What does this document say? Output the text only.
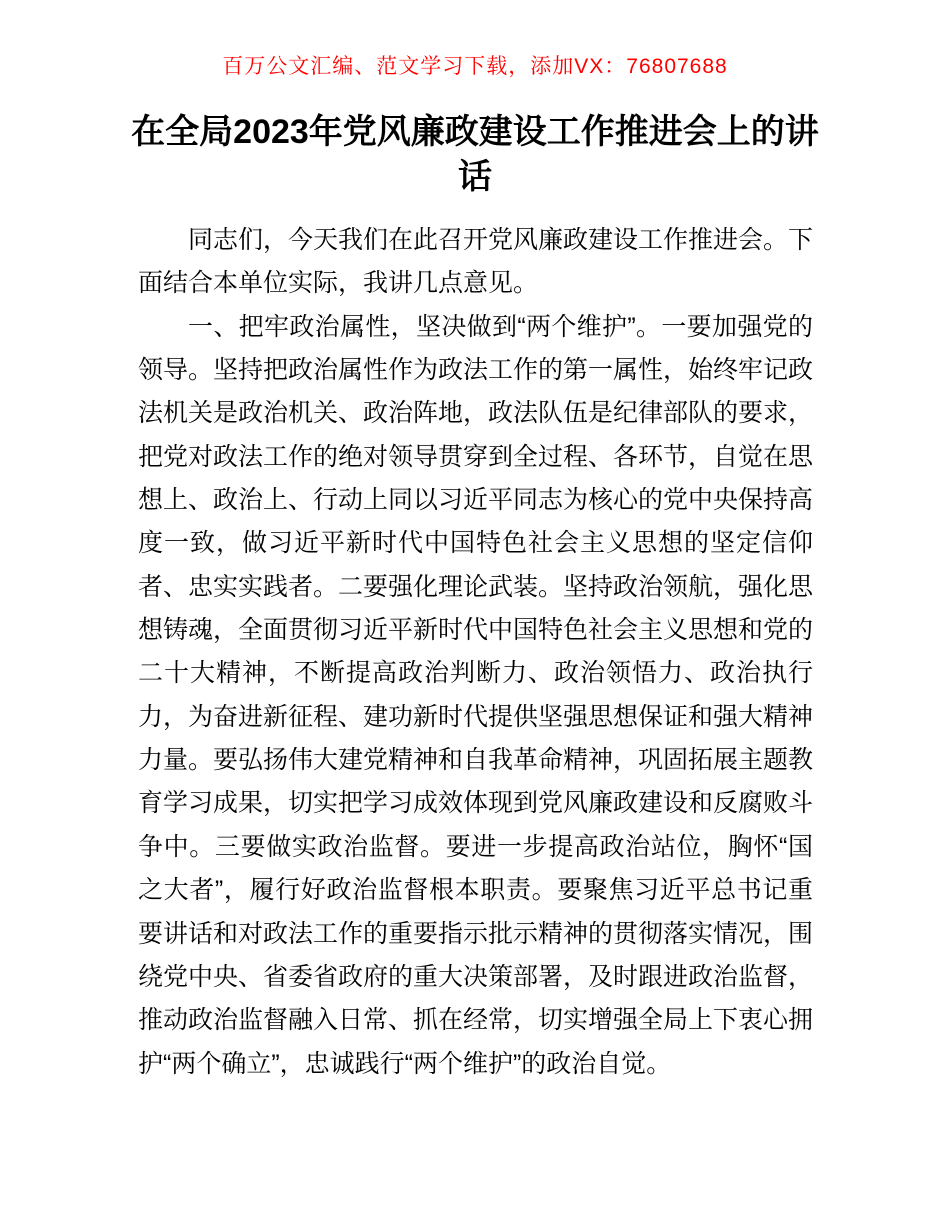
百万公文汇编、范文学习下载，添加VX：76807688
在全局2023年党风廉政建设工作推进会上的讲话

同志们，今天我们在此召开党风廉政建设工作推进会。下面结合本单位实际，我讲几点意见。

一、把牢政治属性，坚决做到“两个维护”。一要加强党的领导。坚持把政治属性作为政法工作的第一属性，始终牢记政法机关是政治机关、政治阵地，政法队伍是纪律部队的要求，把党对政法工作的绝对领导贯穿到全过程、各环节，自觉在思想上、政治上、行动上同以习近平同志为核心的党中央保持高度一致，做习近平新时代中国特色社会主义思想的坚定信仰者、忠实实践者。二要强化理论武装。坚持政治领航，强化思想铸魂，全面贯彻习近平新时代中国特色社会主义思想和党的二十大精神，不断提高政治判断力、政治领悟力、政治执行力，为奋进新征程、建功新时代提供坚强思想保证和强大精神力量。要弘扬伟大建党精神和自我革命精神，巩固拓展主题教育学习成果，切实把学习成效体现到党风廉政建设和反腐败斗争中。三要做实政治监督。要进一步提高政治站位，胸怀“国之大者”，履行好政治监督根本职责。要聚焦习近平总书记重要讲话和对政法工作的重要指示批示精神的贯彻落实情况，围绕党中央、省委省政府的重大决策部署，及时跟进政治监督，推动政治监督融入日常、抓在经常，切实增强全局上下衷心拥护“两个确立”，忠诚践行“两个维护”的政治自觉。
